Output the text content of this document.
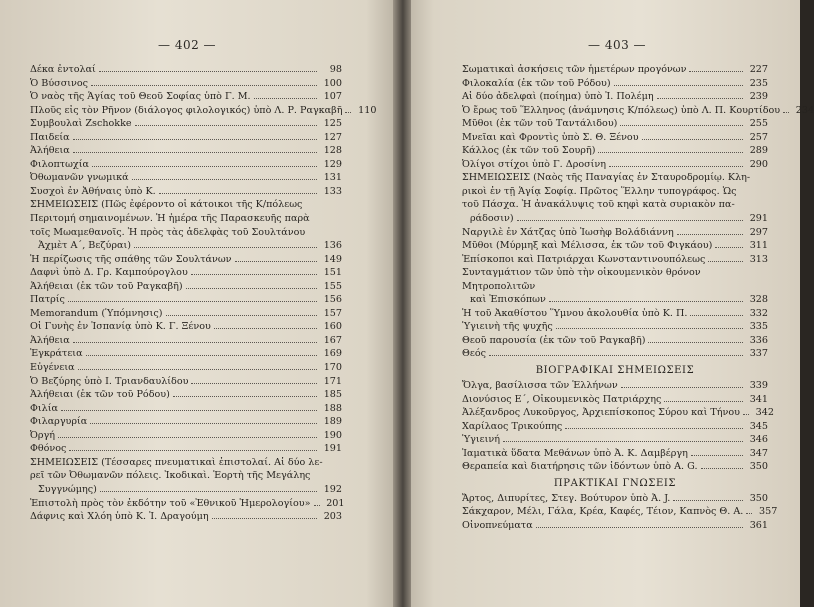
— 402 —
Δέκα ἐντολαί	98
Ὁ Βύσσινος	100
Ὁ ναὸς τῆς Ἁγίας τοῦ Θεοῦ Σοφίας ὑπὸ Γ. Μ.	107
Πλοῦς εἰς τὸν Ρῆνον (διάλογος φιλολογικός) ὑπὸ Λ. Ρ. Ραγκαβῆ	110
Συμβουλαὶ Zschokke	125
Παιδεία	127
Ἀλήθεια	128
Φιλοπτωχία	129
Ὀθωμανῶν γνωμικά	131
Συσχοὶ ἐν Ἀθήναις ὑπὸ Κ.	133
ΣΗΜΕΙΩΣΕΙΣ (Πῶς ἐφέροντο οἱ κάτοικοι τῆς Κ/πόλεως
Περιτομή σημαινομένων. Ἡ ἡμέρα τῆς Παρασκευῆς παρὰ
τοῖς Μωαμεθανοῖς. Ἡ πρὸς τὰς ἀδελφὰς τοῦ Σουλτάνου
Ἀχμὲτ Α΄, Βεζύραι)	136
Ἡ περίζωσις τῆς σπάθης τῶν Σουλτάνων	149
Δαφνὶ ὑπὸ Δ. Γρ. Καμπούρογλου	151
Ἀλήθειαι (ἐκ τῶν τοῦ Ραγκαβῆ)	155
Πατρίς	156
Memorandum (Ὑπόμνησις)	157
Οἱ Γυνὴς ἐν Ἰσπανίᾳ ὑπὸ Κ. Γ. Ξένου	160
Ἀλήθεια	167
Ἐγκράτεια	169
Εὐγένεια	170
Ὁ Βεζύρης ὑπὸ Ι. Τριανδαυλίδου	171
Ἀλήθειαι (ἐκ τῶν τοῦ Ρόδου)	185
Φιλία	188
Φιλαργυρία	189
Ὀργή	190
Φθόνος	191
ΣΗΜΕΙΩΣΕΙΣ (Τέσσαρες πνευματικαὶ ἐπιστολαί. Αἱ δύο λε-
ρεῖ τῶν Ὀθωμανῶν πόλεις. Ἰκοδικαὶ. Ἑορτὴ τῆς Μεγάλης
Συγγνώμης)	192
Ἐπιστολὴ πρὸς τὸν ἐκδότην τοῦ «Ἐθνικοῦ Ἡμερολογίου»	201
Δάφνις καὶ Χλόη ὑπὸ Κ. Ἰ. Δραγούμη	203
— 403 —
Σωματικαὶ ἀσκήσεις τῶν ἡμετέρων προγόνων	227
Φιλοκαλία (ἐκ τῶν τοῦ Ρόδου)	235
Αἱ δύο ἀδελφαὶ (ποίημα) ὑπὸ Ἰ. Πολέμη	239
Ὁ ἔρως τοῦ Ἕλληνος (ἀνάμνησις Κ/πόλεως) ὑπὸ Λ. Π. Κουρτίδου	234
Μῦθοι (ἐκ τῶν τοῦ Ταντάλιδου)	255
Μνεῖαι καὶ Φροντὶς ὑπὸ Σ. Θ. Ξένου	257
Κάλλος (ἐκ τῶν τοῦ Σουρῆ)	289
Ὀλίγοι στίχοι ὑπὸ Γ. Δροσίνη	290
ΣΗΜΕΙΩΣΕΙΣ (Ναὸς τῆς Παναγίας ἐν Σταυροδρομίῳ. Κλη-
ρικοὶ ἐν τῇ Ἁγίᾳ Σοφίᾳ. Πρῶτος Ἕλλην τυπογράφος. Ὡς
τοῦ Πάσχα. Ἡ ἀνακάλυψις τοῦ κηφὶ κατὰ συριακὸν πα-
ράδοσιν)	291
Ναργιλὲ ἐν Χάτζας ὑπὸ Ἰωσὴφ Βολάδιάννη	297
Μῦθοι (Μύρμηξ καὶ Μέλισσα, ἐκ τῶν τοῦ Φιγκάου)	311
Ἐπίσκοποι καὶ Πατριάρχαι Κωνσταντινουπόλεως	313
Συνταγμάτιον τῶν ὑπὸ τὴν οἰκουμενικὸν θρόνον Μητροπολιτῶν
καὶ Ἐπισκόπων	328
Ἡ τοῦ Ἀκαθίστου Ὕμνου ἀκολουθία ὑπὸ Κ. Π.	332
Ὑγιεινὴ τῆς ψυχῆς	335
Θεοῦ παρουσία (ἐκ τῶν τοῦ Ραγκαβῆ)	336
Θεός	337
ΒΙΟΓΡΑΦΙΚΑΙ ΣΗΜΕΙΩΣΕΙΣ
Ὄλγα, βασίλισσα τῶν Ἑλλήνων	339
Διονύσιος Ε΄, Οἰκουμενικὸς Πατριάρχης	341
Ἀλέξανδρος Λυκοῦργος, Ἀρχιεπίσκοπος Σύρου καὶ Τήνου	342
Χαρίλαος Τρικούπης	345
Ὑγιεινή	346
Ἰαματικὰ ὕδατα Μεθάνων ὑπὸ Ἀ. Κ. Δαμβέργη	347
Θεραπεία καὶ διατήρησις τῶν ἰδόντων ὑπὸ A. G.	350
ΠΡΑΚΤΙΚΑΙ ΓΝΩΣΕΙΣ
Ἄρτος, Διπυρίτες, Στεγ. Βούτυρον ὑπὸ Ἀ. J.	350
Σάκχαρον, Μέλι, Γάλα, Κρέα, Καφές, Τέιον, Καπνὸς Θ. Α.	357
Οἰνοπνεύματα	361
